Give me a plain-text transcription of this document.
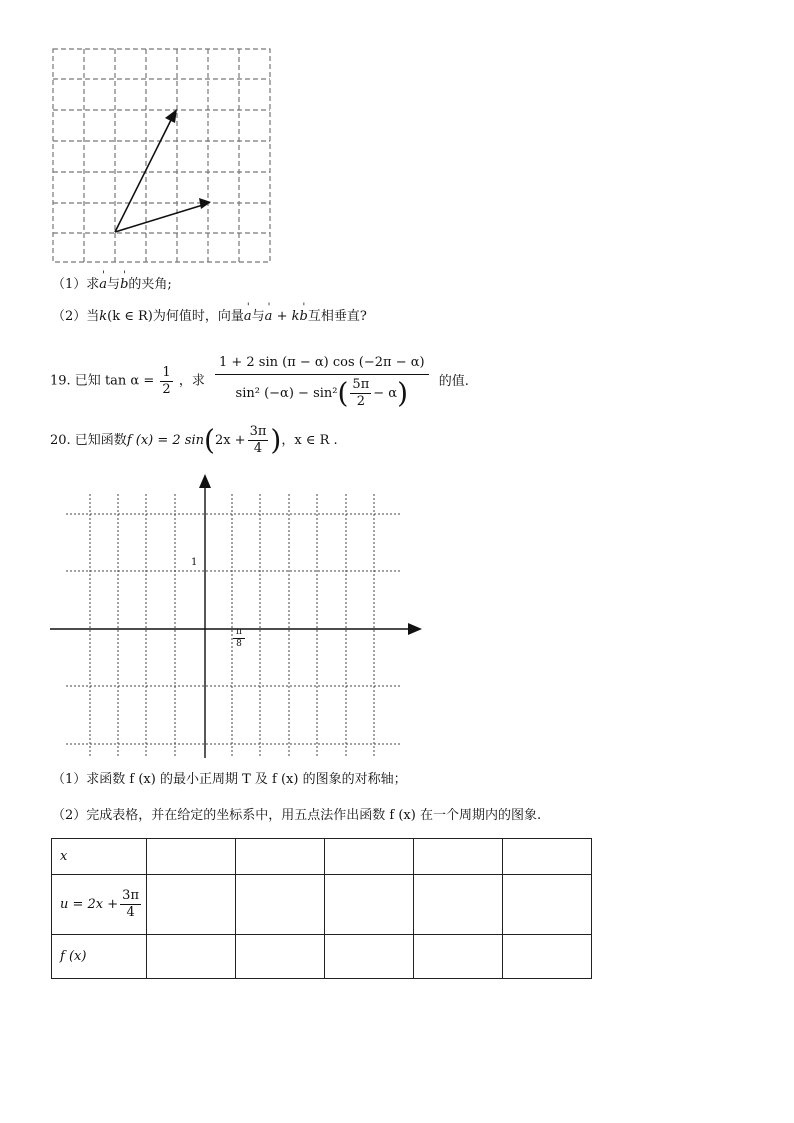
（1）求' a与' b的夹角;
（2）当k(k ∈ R)为何值时，向量' a与' a + k' b互相垂直?
19. 已知 $\tan \alpha = \frac{1}{2}$ ，求 $\frac{1 + 2 \sin (\pi - \alpha) \cos (-2\pi - \alpha)}{\sin^2 (-\alpha) - \sin^2( \frac{5\pi}{2} - \alpha)}$ 的值.
20. 已知函数f (x) = 2 $\sin(2x + \frac{3\pi}{4}$ )，x ∈ R .
1
π
8
（1）求函数 f (x) 的最小正周期 T 及 f (x) 的图象的对称轴；
（2）完成表格，并在给定的坐标系中，用五点法作出函数 f (x) 在一个周期内的图象.
x					
$u = 2x + \frac{3\pi}{4}$

f (x)					
